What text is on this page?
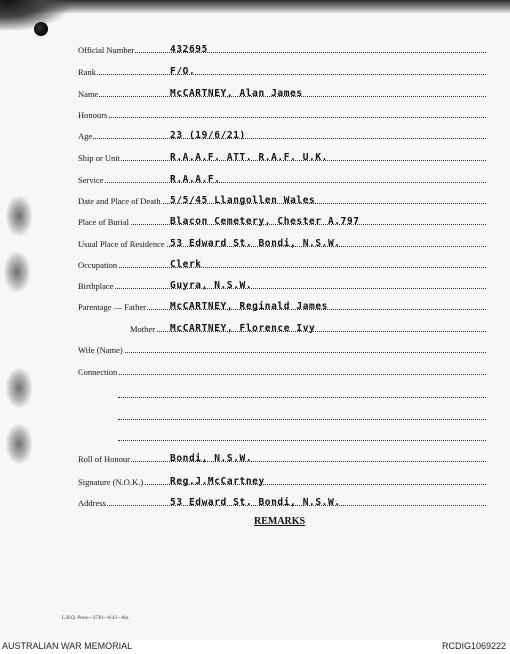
Official Number	432695
Rank	F/O.
Name	McCARTNEY, Alan James
Honours
Age	23 (19/6/21)
Ship or Unit	R.A.A.F. ATT. R.A.F. U.K.
Service	R.A.A.F.
Date and Place of Death 5/5/45 Llangollen Wales
Place of Burial	Blacon Cemetery, Chester A.797
Usual Place of Residence 53 Edward St. Bondi, N.S.W.
Occupation	Clerk
Birthplace	Guyra, N.S.W.
Parentage — Father	McCARTNEY, Reginald James
Mother McCARTNEY, Florence Ivy
Wife (Name)
Connection
Roll of Honour	Bondi, N.S.W.
Signature (N.O.K.)	Reg.J.McCartney
Address	53 Edward St. Bondi, N.S.W.
REMARKS
L.H.Q. Press—3730—6/43—6m.
AUSTRALIAN WAR MEMORIAL	RCDIG1069222
